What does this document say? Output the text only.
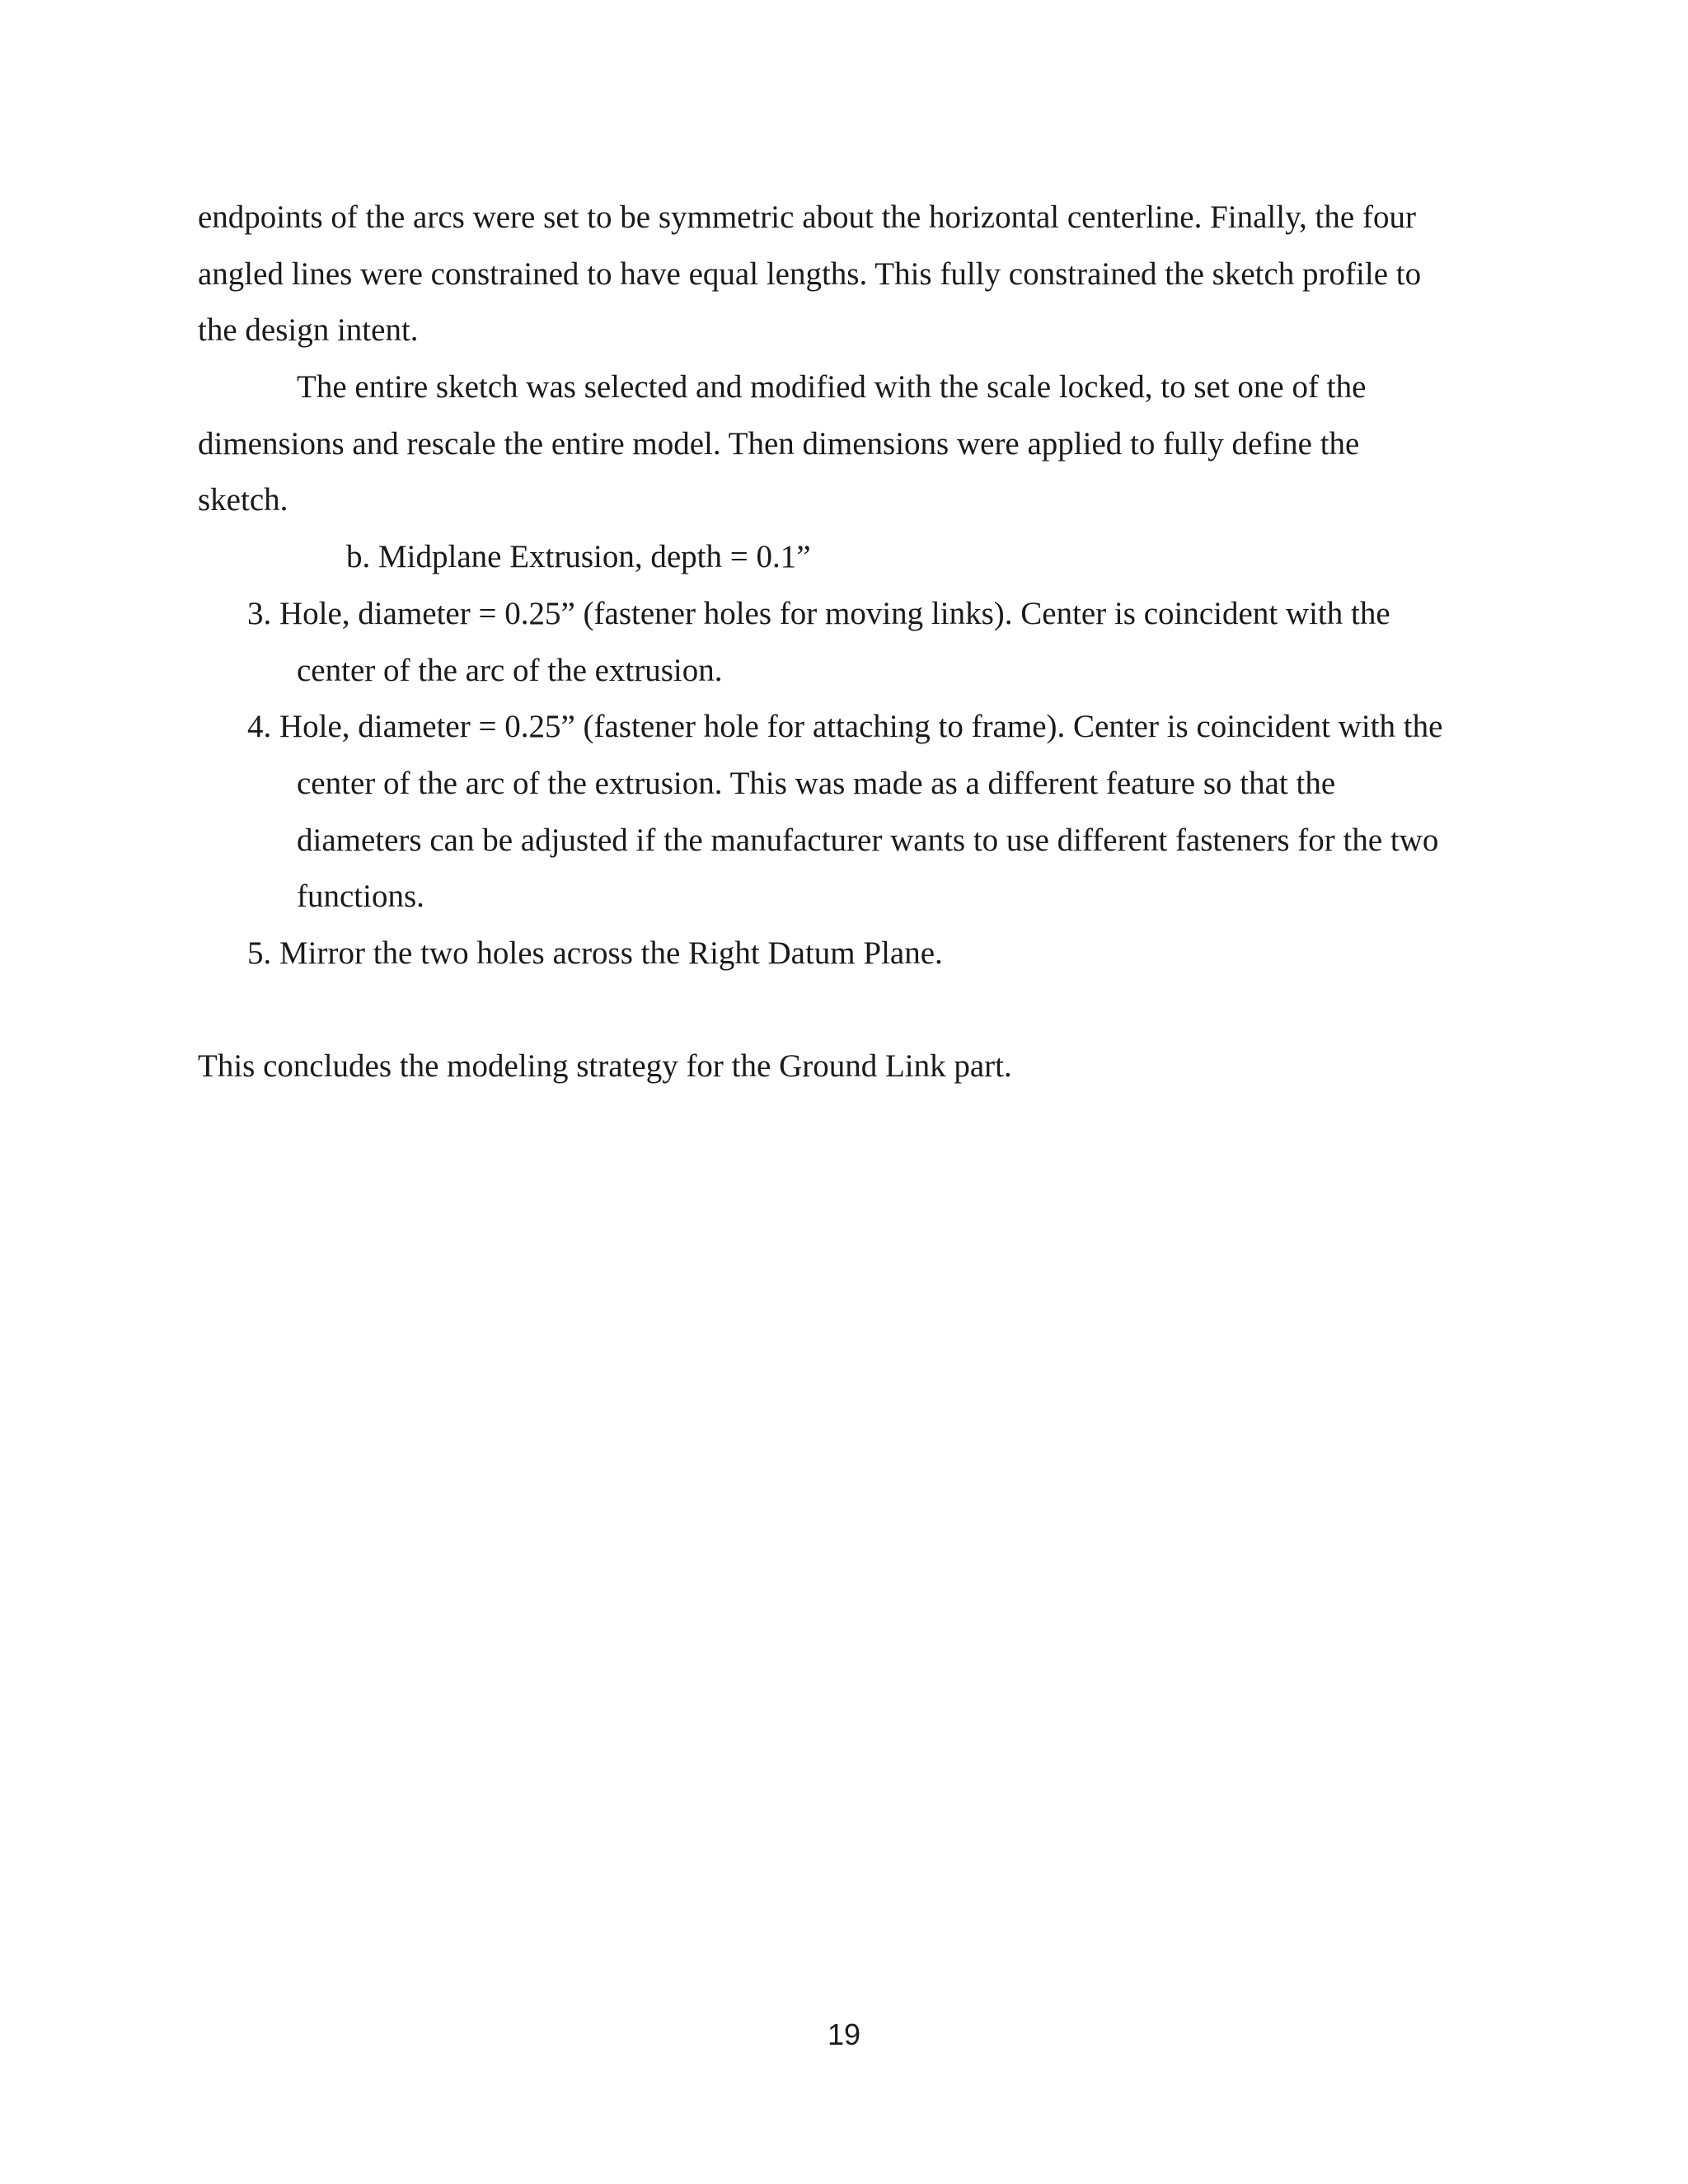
endpoints of the arcs were set to be symmetric about the horizontal centerline. Finally, the four
angled lines were constrained to have equal lengths. This fully constrained the sketch profile to
the design intent.
The entire sketch was selected and modified with the scale locked, to set one of the
dimensions and rescale the entire model. Then dimensions were applied to fully define the
sketch.
b. Midplane Extrusion, depth = 0.1”
3. Hole, diameter = 0.25” (fastener holes for moving links). Center is coincident with the
center of the arc of the extrusion.
4. Hole, diameter = 0.25” (fastener hole for attaching to frame). Center is coincident with the
center of the arc of the extrusion. This was made as a different feature so that the
diameters can be adjusted if the manufacturer wants to use different fasteners for the two
functions.
5. Mirror the two holes across the Right Datum Plane.
This concludes the modeling strategy for the Ground Link part.
19
